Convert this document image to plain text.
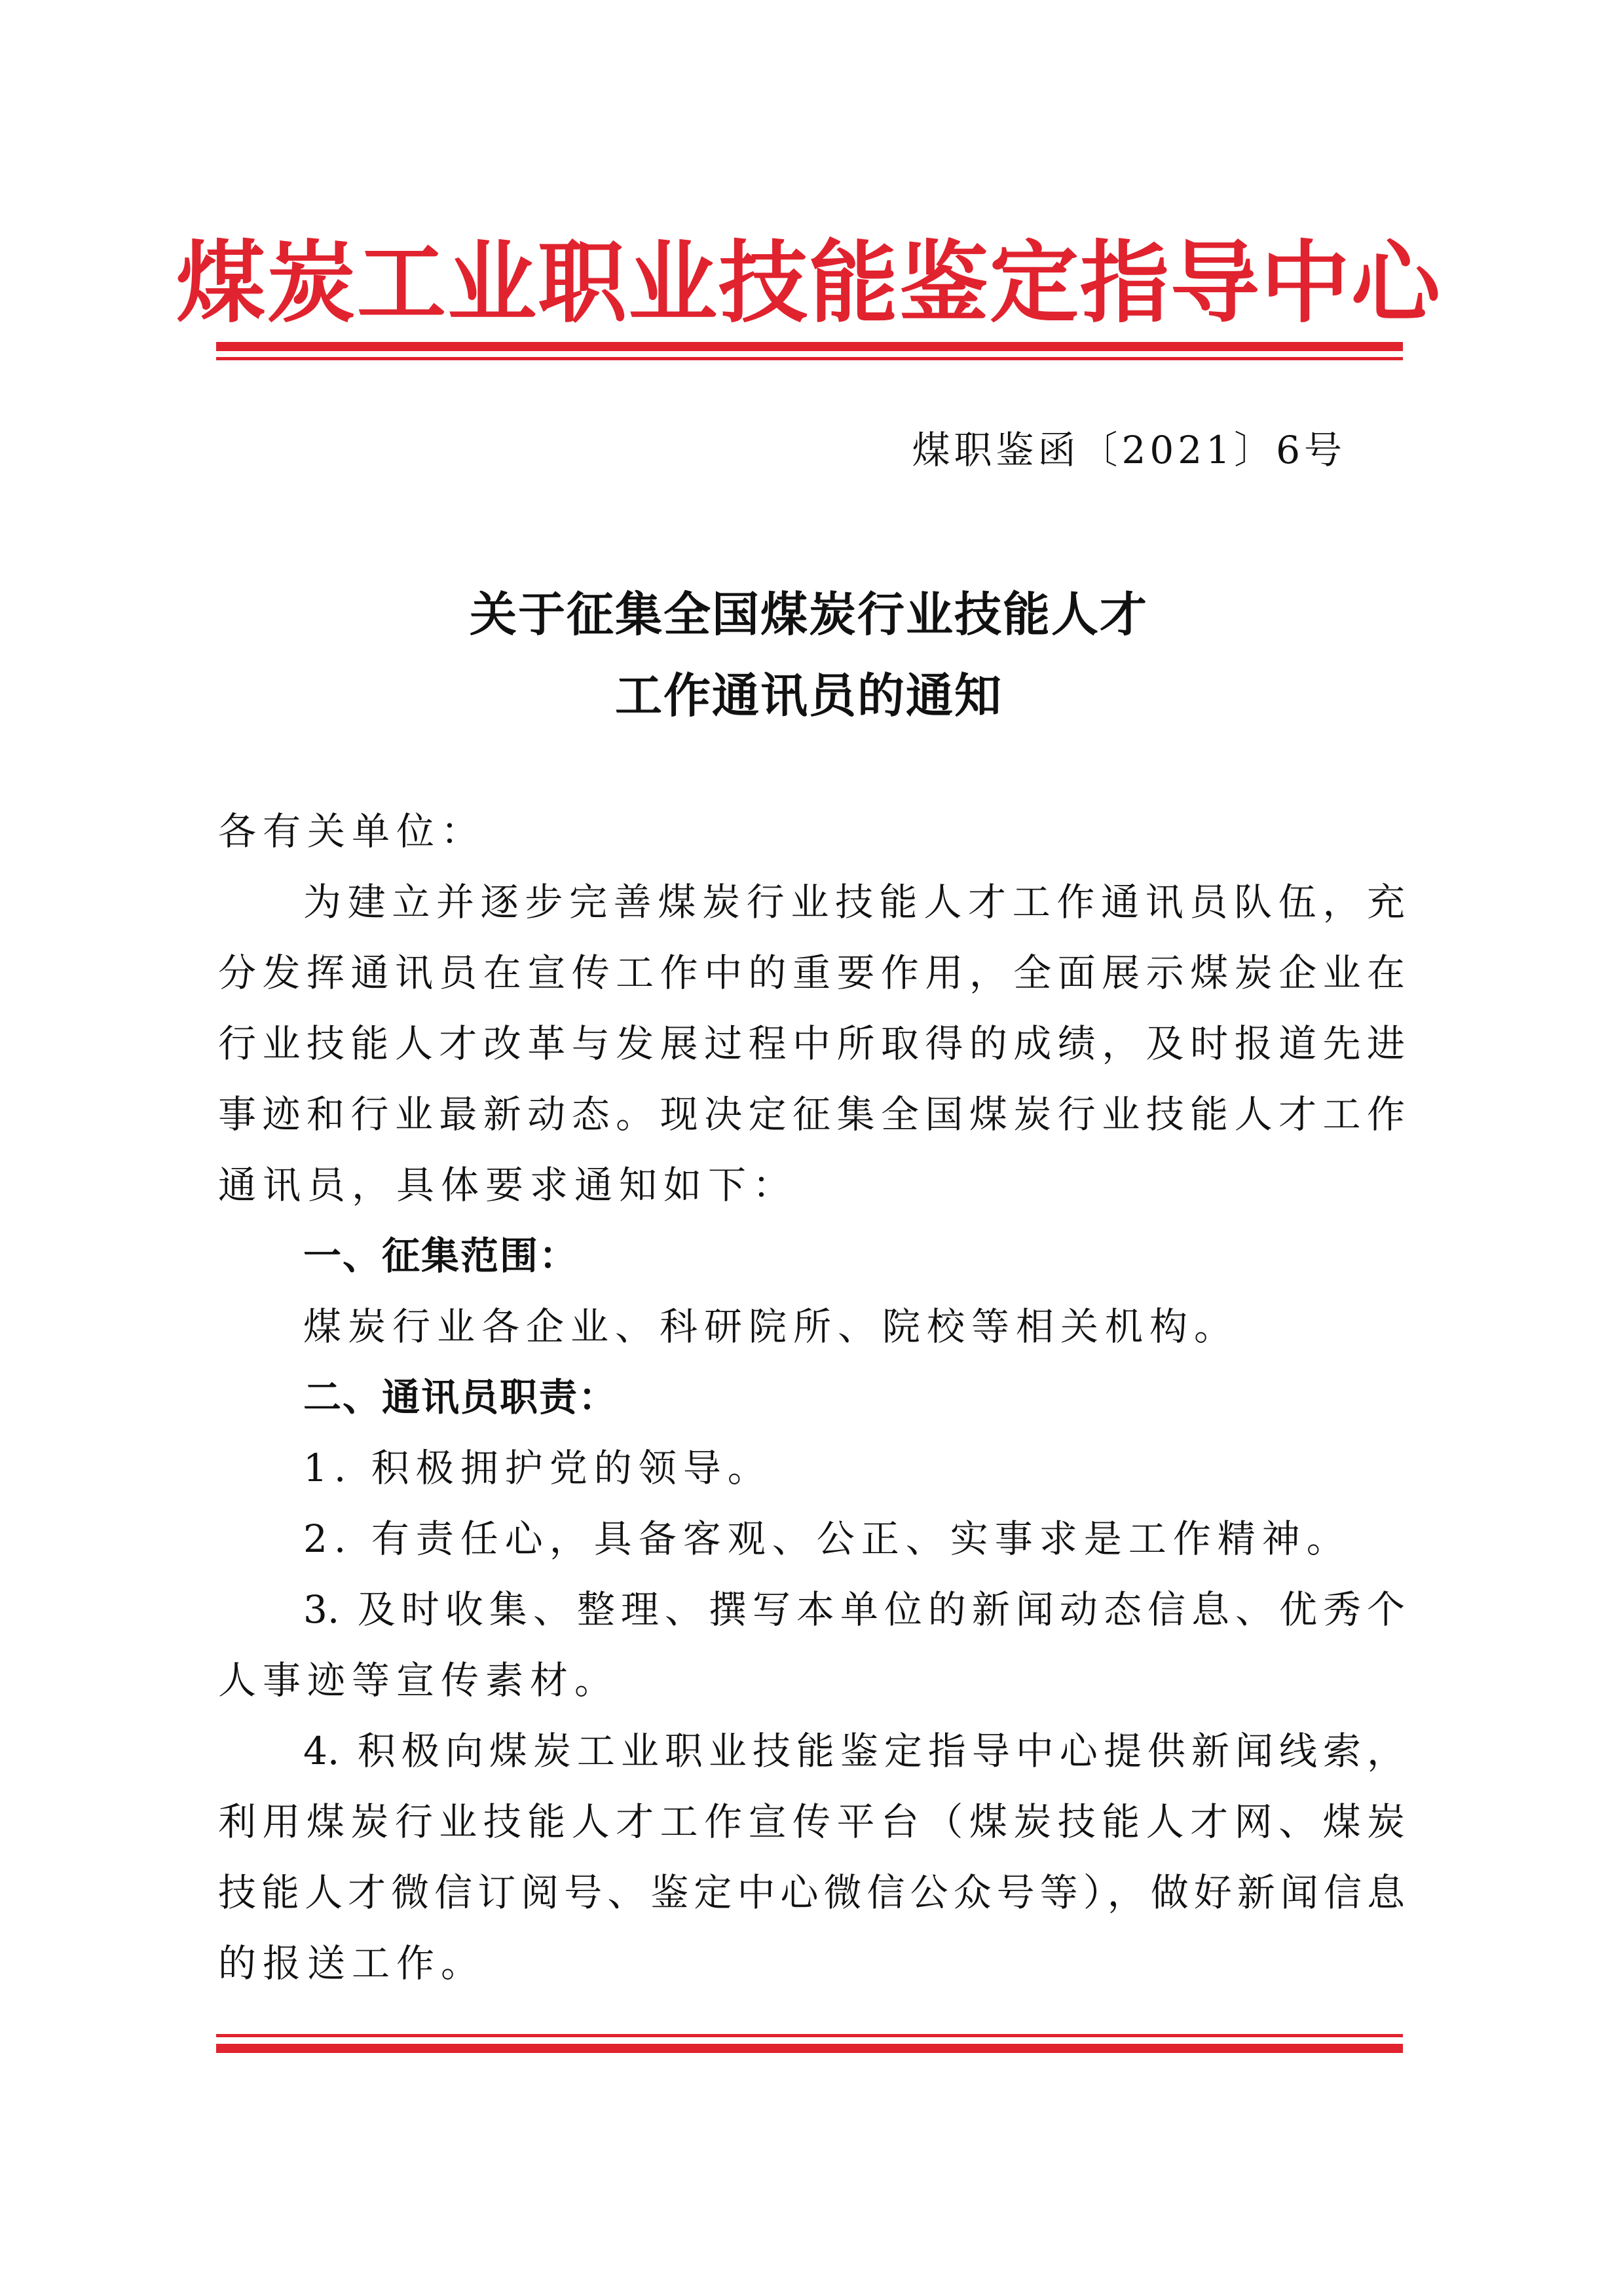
煤炭工业职业技能鉴定指导中心
煤职鉴函〔2021〕6号
关于征集全国煤炭行业技能人才
工作通讯员的通知
各有关单位：
为建立并逐步完善煤炭行业技能人才工作通讯员队伍，充
分发挥通讯员在宣传工作中的重要作用，全面展示煤炭企业在
行业技能人才改革与发展过程中所取得的成绩，及时报道先进
事迹和行业最新动态。现决定征集全国煤炭行业技能人才工作
通讯员，具体要求通知如下：
一、征集范围：
煤炭行业各企业、科研院所、院校等相关机构。
二、通讯员职责：
1. 积极拥护党的领导。
2. 有责任心，具备客观、公正、实事求是工作精神。
3. 及时收集、整理、撰写本单位的新闻动态信息、优秀个
人事迹等宣传素材。
4. 积极向煤炭工业职业技能鉴定指导中心提供新闻线索，
利用煤炭行业技能人才工作宣传平台（煤炭技能人才网、煤炭
技能人才微信订阅号、鉴定中心微信公众号等），做好新闻信息
的报送工作。
